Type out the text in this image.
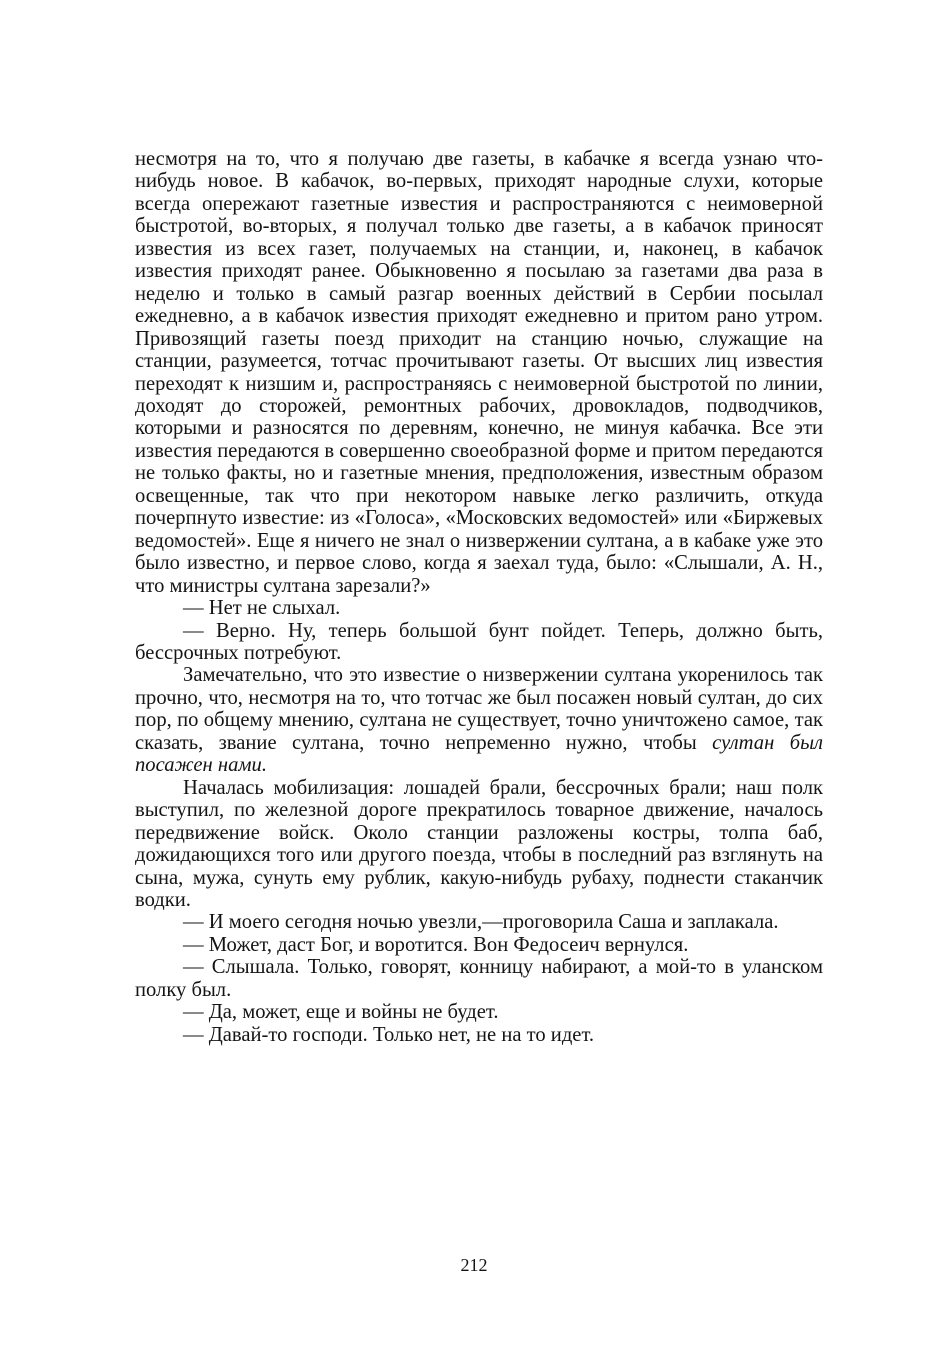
несмотря на то, что я получаю две газеты, в кабачке я всегда узнаю что-нибудь новое. В кабачок, во-первых, приходят народные слухи, которые всегда опережают газетные известия и распространяются с неимоверной быстротой, во-вторых, я получал только две газеты, а в кабачок приносят известия из всех газет, получаемых на станции, и, наконец, в кабачок известия приходят ранее. Обыкновенно я посылаю за газетами два раза в неделю и только в самый разгар военных действий в Сербии посылал ежедневно, а в кабачок известия приходят ежедневно и притом рано утром. Привозящий газеты поезд приходит на станцию ночью, служащие на станции, разумеется, тотчас прочитывают газеты. От высших лиц известия переходят к низшим и, распространяясь с неимоверной быстротой по линии, доходят до сторожей, ремонтных рабочих, дровокладов, подводчиков, которыми и разносятся по деревням, конечно, не минуя кабачка. Все эти известия передаются в совершенно своеобразной форме и притом передаются не только факты, но и газетные мнения, предположения, известным образом освещенные, так что при некотором навыке легко различить, откуда почерпнуто известие: из «Голоса», «Московских ведомостей» или «Биржевых ведомостей». Еще я ничего не знал о низвержении султана, а в кабаке уже это было известно, и первое слово, когда я заехал туда, было: «Слышали, А. Н., что министры султана зарезали?»

— Нет не слыхал.

— Верно. Ну, теперь большой бунт пойдет. Теперь, должно быть, бессрочных потребуют.

Замечательно, что это известие о низвержении султана укоренилось так прочно, что, несмотря на то, что тотчас же был посажен новый султан, до сих пор, по общему мнению, султана не существует, точно уничтожено самое, так сказать, звание султана, точно непременно нужно, чтобы султан был посажен нами.

Началась мобилизация: лошадей брали, бессрочных брали; наш полк выступил, по железной дороге прекратилось товарное движение, началось передвижение войск. Около станции разложены костры, толпа баб, дожидающихся того или другого поезда, чтобы в последний раз взглянуть на сына, мужа, сунуть ему рублик, какую-нибудь рубаху, поднести стаканчик водки.

— И моего сегодня ночью увезли,—проговорила Саша и заплакала.

— Может, даст Бог, и воротится. Вон Федосеич вернулся.

— Слышала. Только, говорят, конницу набирают, а мой-то в уланском полку был.

— Да, может, еще и войны не будет.

— Давай-то господи. Только нет, не на то идет.

212
